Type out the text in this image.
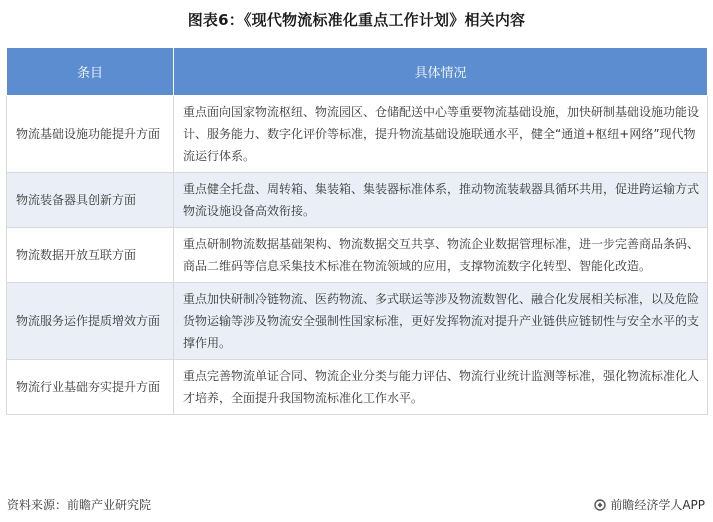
图表6：《现代物流标准化重点工作计划》相关内容
条目	具体情况
物流基础设施功能提升方面	重点面向国家物流枢纽、物流园区、仓储配送中心等重要物流基础设施，加快研制基础设施功能设计、服务能力、数字化评价等标准，提升物流基础设施联通水平，健全“通道+枢纽+网络”现代物流运行体系。
物流装备器具创新方面	重点健全托盘、周转箱、集装箱、集装器标准体系，推动物流装载器具循环共用，促进跨运输方式物流设施设备高效衔接。
物流数据开放互联方面	重点研制物流数据基础架构、物流数据交互共享、物流企业数据管理标准，进一步完善商品条码、商品二维码等信息采集技术标准在物流领域的应用，支撑物流数字化转型、智能化改造。
物流服务运作提质增效方面	重点加快研制冷链物流、医药物流、多式联运等涉及物流数智化、融合化发展相关标准，以及危险货物运输等涉及物流安全强制性国家标准，更好发挥物流对提升产业链供应链韧性与安全水平的支撑作用。
物流行业基础夯实提升方面	重点完善物流单证合同、物流企业分类与能力评估、物流行业统计监测等标准，强化物流标准化人才培养，全面提升我国物流标准化工作水平。
资料来源：前瞻产业研究院	前瞻经济学人APP
